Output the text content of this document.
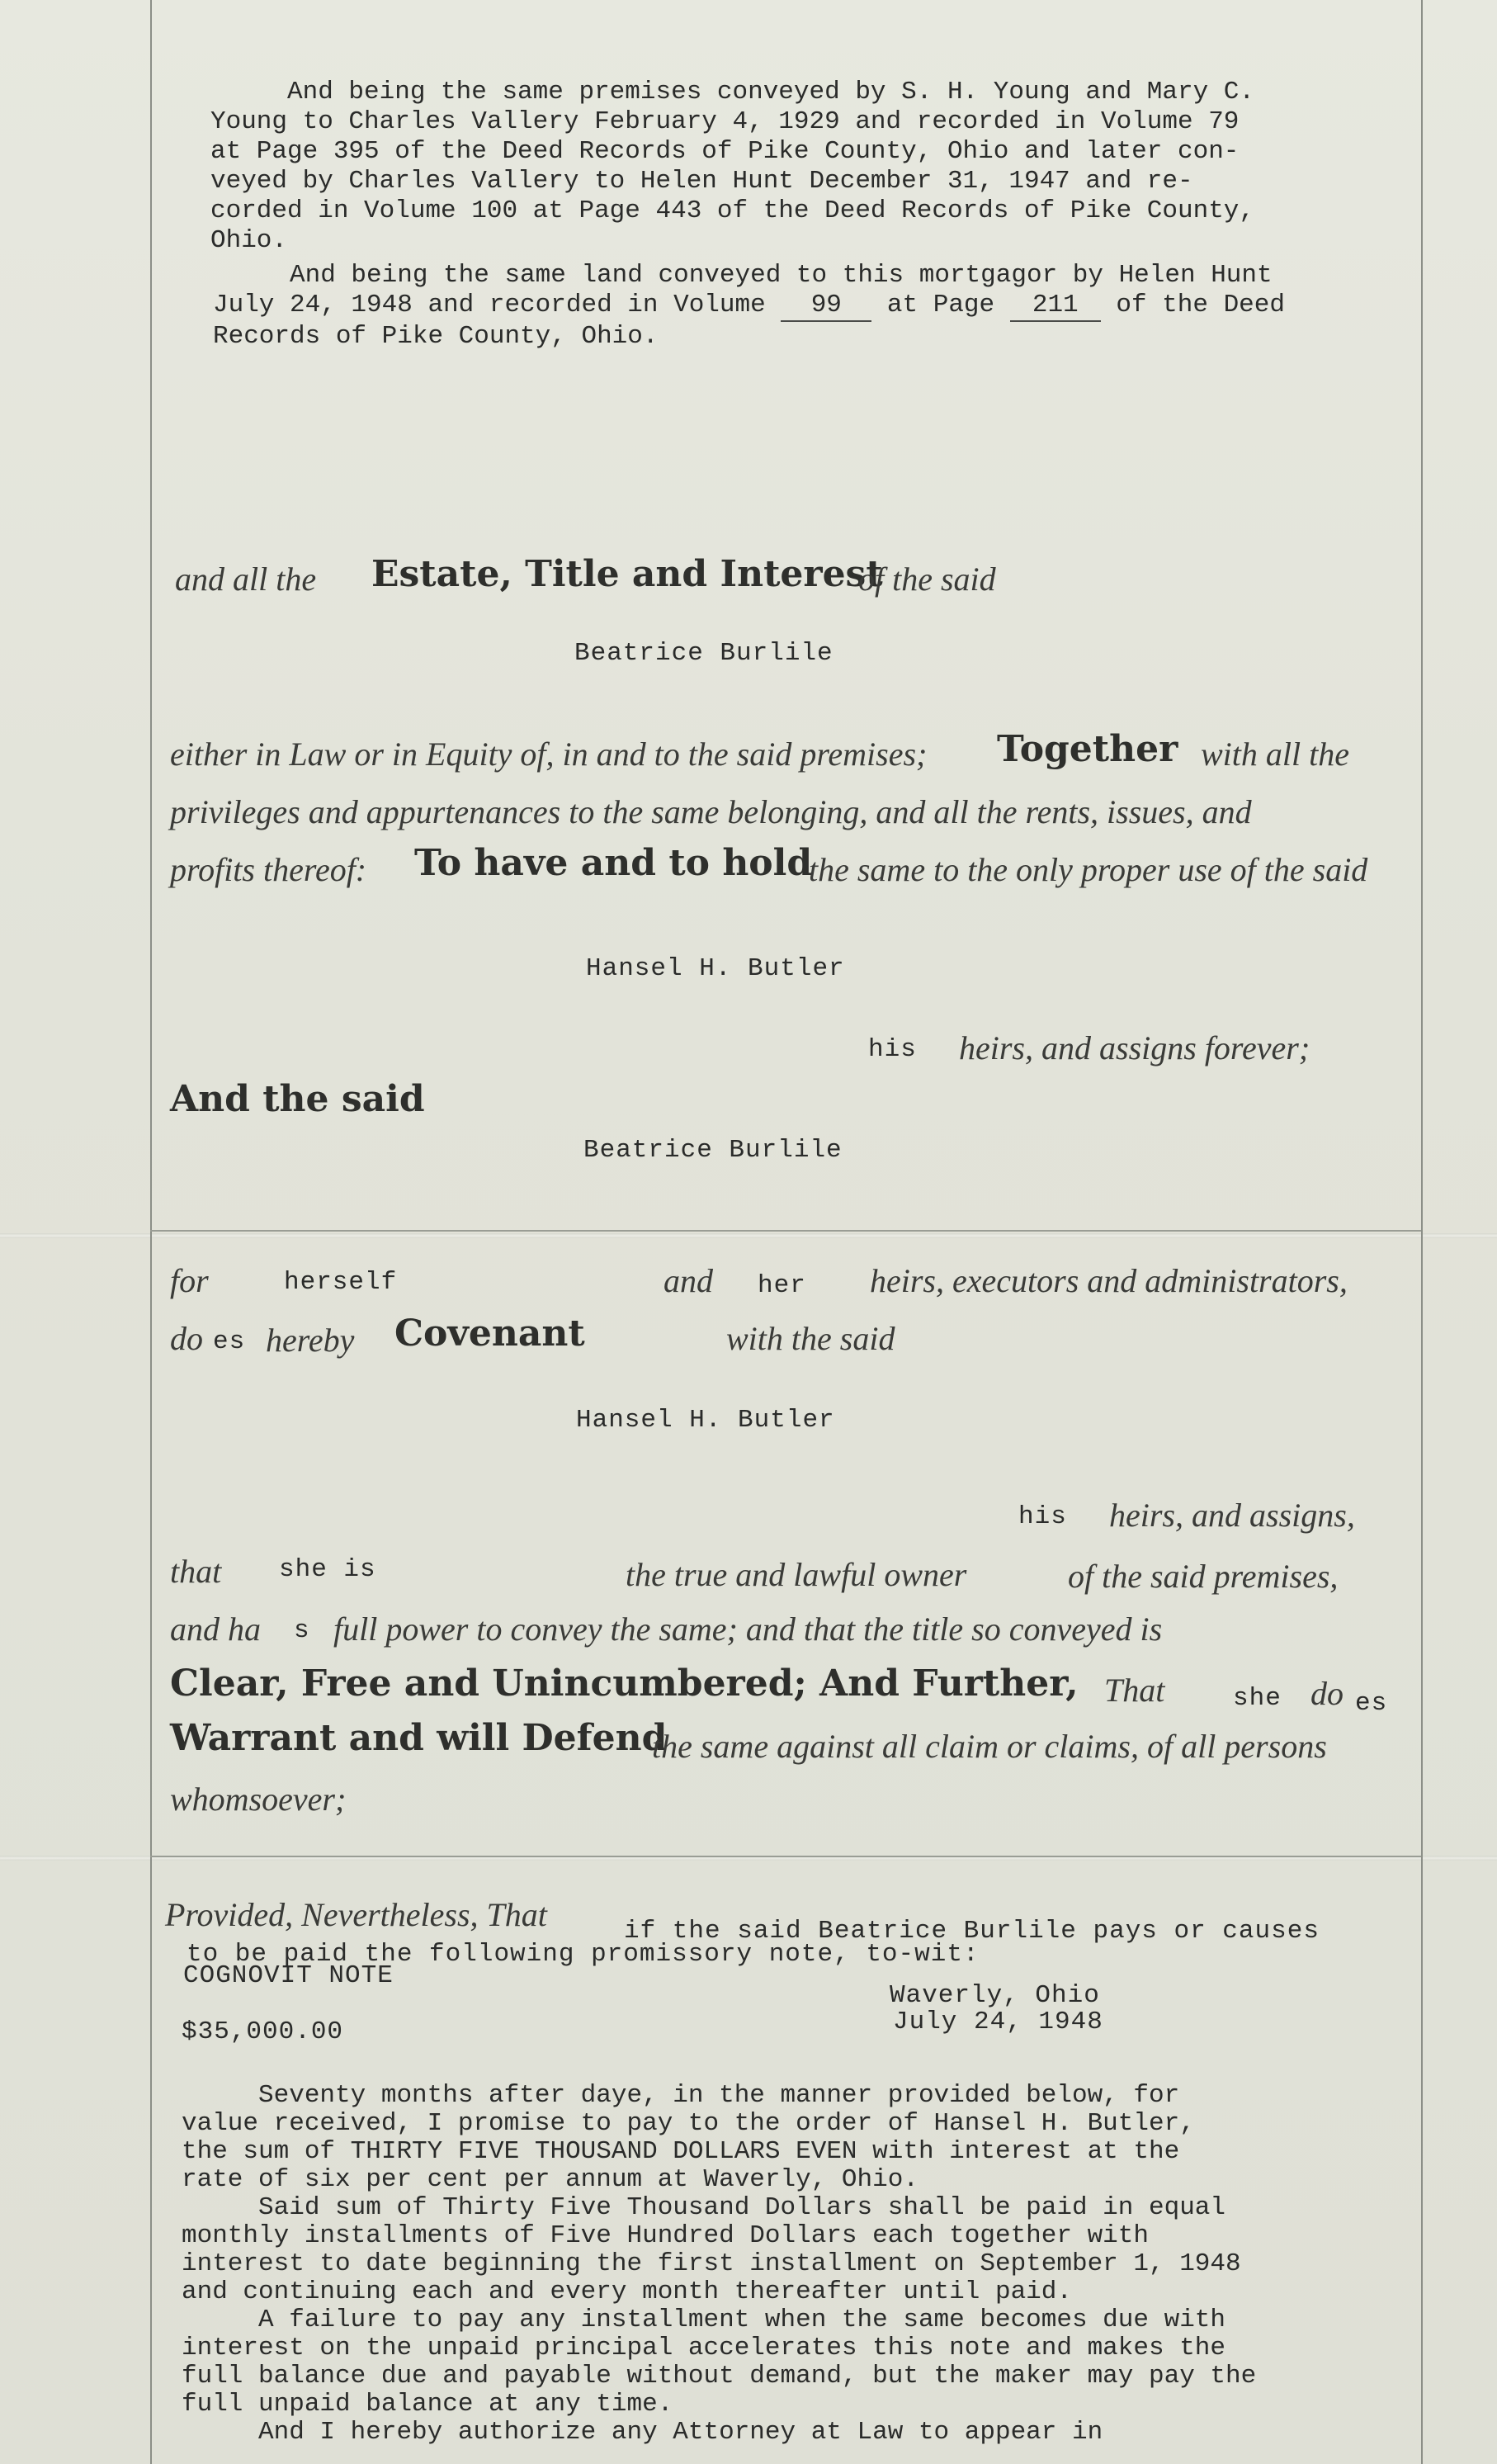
And being the same premises conveyed by S. H. Young and Mary C.
Young to Charles Vallery February 4, 1929 and recorded in Volume 79
at Page 395 of the Deed Records of Pike County, Ohio and later con-
veyed by Charles Vallery to Helen Hunt December 31, 1947 and re-
corded in Volume 100 at Page 443 of the Deed Records of Pike County,
Ohio.
And being the same land conveyed to this mortgagor by Helen Hunt
July 24, 1948 and recorded in Volume 99 at Page 211 of the Deed
Records of Pike County, Ohio.
and all the Estate, Title and Interest
of the said
Beatrice Burlile
either in Law or in Equity of, in and to the said premises; Together with all the
privileges and appurtenances to the same belonging, and all the rents, issues, and
profits thereof: To have and to hold
the same to the only proper use of the said
Hansel H. Butler
his heirs, and assigns forever;
And the said
Beatrice Burlile
for	herself	and her heirs, executors and administrators,
do es hereby Covenant	with the said
Hansel H. Butler
his heirs, and assigns,
that she is	the true and lawful owner	of the said premises,
and ha s full power to convey the same; and that the title so conveyed is
Clear, Free and Unincumbered; And Further, That	she do es
Warrant and will Defend
the same against all claim or claims, of all persons
whomsoever;
Provided, Nevertheless, That	if the said Beatrice Burlile pays or causes
to be paid the following promissory note, to-wit:
COGNOVIT NOTE
Waverly, Ohio
July 24, 1948
$35,000.00
Seventy months after daye, in the manner provided below, for
value received, I promise to pay to the order of Hansel H. Butler,
the sum of THIRTY FIVE THOUSAND DOLLARS EVEN with interest at the
rate of six per cent per annum at Waverly, Ohio.
Said sum of Thirty Five Thousand Dollars shall be paid in equal
monthly installments of Five Hundred Dollars each together with
interest to date beginning the first installment on September 1, 1948
and continuing each and every month thereafter until paid.
A failure to pay any installment when the same becomes due with
interest on the unpaid principal accelerates this note and makes the
full balance due and payable without demand, but the maker may pay the
full unpaid balance at any time.
And I hereby authorize any Attorney at Law to appear in
